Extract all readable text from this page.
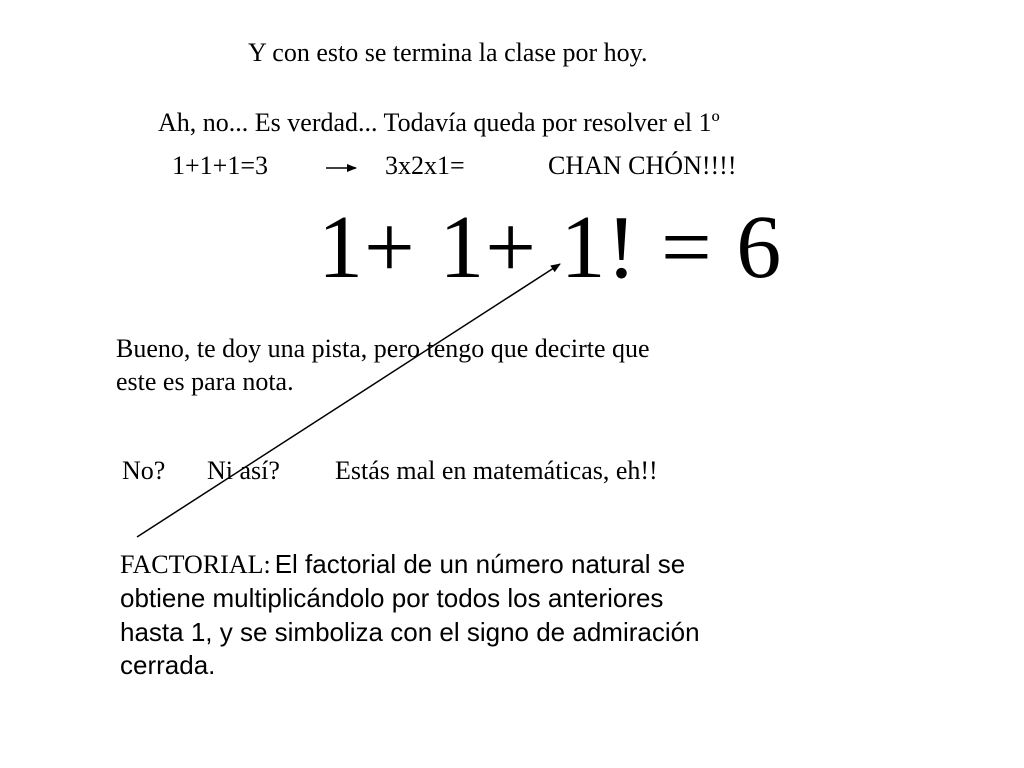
Y con esto se termina la clase por hoy.
Ah, no... Es verdad... Todavía queda por resolver el 1º
1+1+1=3	3x2x1=	CHAN CHÓN!!!!
1+ 1+ 1! = 6
Bueno, te doy una pista, pero tengo que decirte que
este es para nota.
No? Ni así? Estás mal en matemáticas, eh!!
FACTORIAL: El factorial de un número natural se
obtiene multiplicándolo por todos los anteriores
hasta 1, y se simboliza con el signo de admiración
cerrada.
